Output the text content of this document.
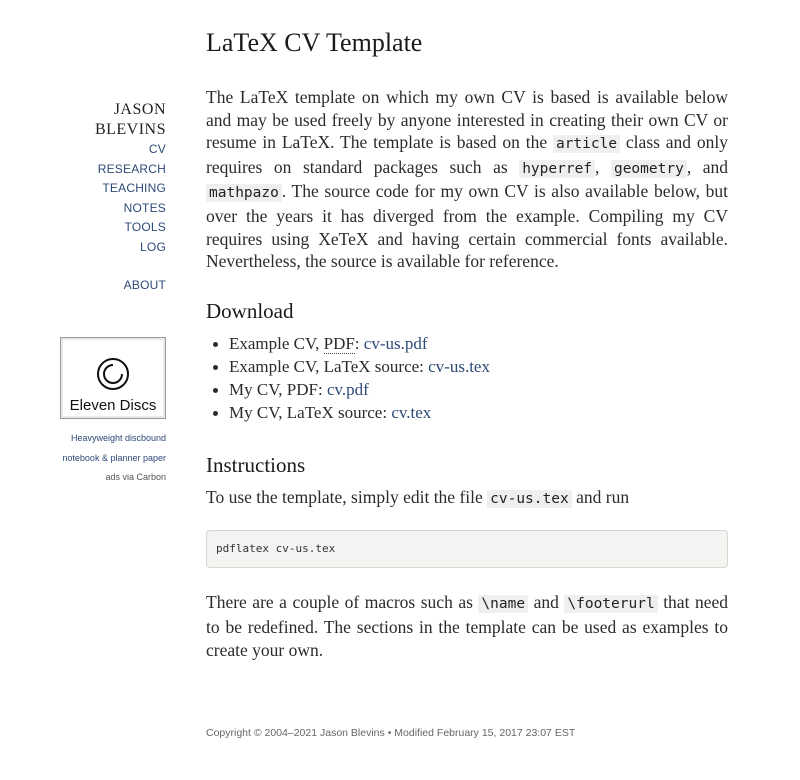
JASON
BLEVINS
CV
RESEARCH
TEACHING
NOTES
TOOLS
LOG
ABOUT
Eleven Discs
Heavyweight discbound
notebook & planner paper
ads via Carbon
LaTeX CV Template

The LaTeX template on which my own CV is based is available below and may be used freely by anyone interested in creating their own CV or resume in LaTeX. The template is based on the article class and only requires on standard packages such as hyperref , geometry , and mathpazo . The source code for my own CV is also available below, but over the years it has diverged from the example. Compiling my CV requires using XeTeX and having certain commercial fonts available. Nevertheless, the source is available for reference.

Download
Example CV, PDF: cv-us.pdf
Example CV, LaTeX source: cv-us.tex
My CV, PDF: cv.pdf
My CV, LaTeX source: cv.tex
Instructions

To use the template, simply edit the file cv-us.tex and run

pdflatex cv-us.tex

There are a couple of macros such as \name and \footerurl that need to be redefined. The sections in the template can be used as examples to create your own.

Copyright © 2004–2021 Jason Blevins • Modified February 15, 2017 23:07 EST
